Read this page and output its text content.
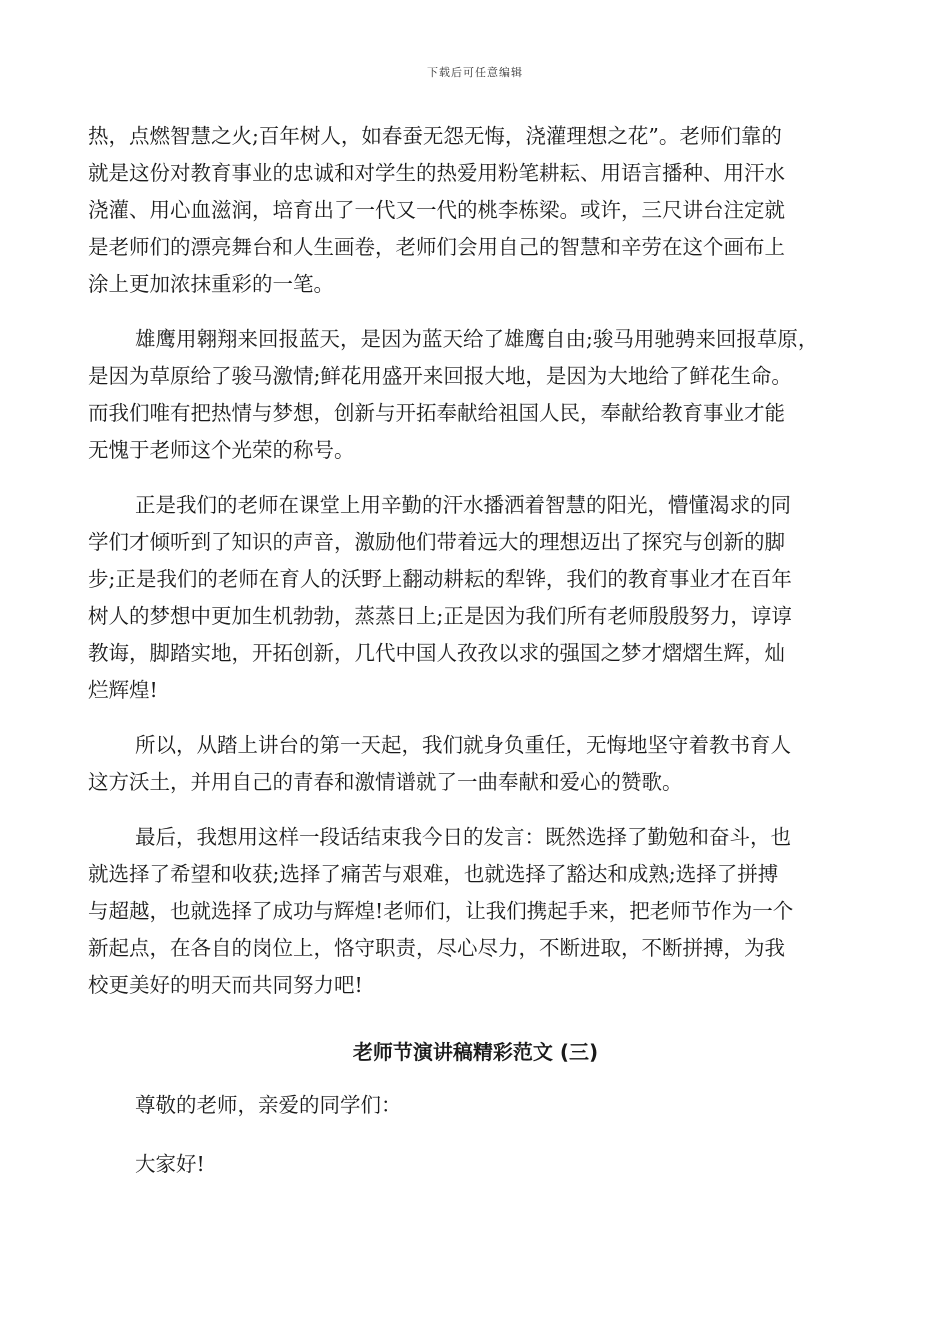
下载后可任意编辑

热，点燃智慧之火;百年树人，如春蚕无怨无悔，浇灌理想之花”。老师们靠的
就是这份对教育事业的忠诚和对学生的热爱用粉笔耕耘、用语言播种、用汗水
浇灌、用心血滋润，培育出了一代又一代的桃李栋梁。或许，三尺讲台注定就
是老师们的漂亮舞台和人生画卷，老师们会用自己的智慧和辛劳在这个画布上
涂上更加浓抹重彩的一笔。

雄鹰用翱翔来回报蓝天，是因为蓝天给了雄鹰自由;骏马用驰骋来回报草原，
是因为草原给了骏马激情;鲜花用盛开来回报大地，是因为大地给了鲜花生命。
而我们唯有把热情与梦想，创新与开拓奉献给祖国人民，奉献给教育事业才能
无愧于老师这个光荣的称号。

正是我们的老师在课堂上用辛勤的汗水播洒着智慧的阳光，懵懂渴求的同
学们才倾听到了知识的声音，激励他们带着远大的理想迈出了探究与创新的脚
步;正是我们的老师在育人的沃野上翻动耕耘的犁铧，我们的教育事业才在百年
树人的梦想中更加生机勃勃，蒸蒸日上;正是因为我们所有老师殷殷努力，谆谆
教诲，脚踏实地，开拓创新，几代中国人孜孜以求的强国之梦才熠熠生辉，灿
烂辉煌!

所以，从踏上讲台的第一天起，我们就身负重任，无悔地坚守着教书育人
这方沃土，并用自己的青春和激情谱就了一曲奉献和爱心的赞歌。

最后，我想用这样一段话结束我今日的发言：既然选择了勤勉和奋斗，也
就选择了希望和收获;选择了痛苦与艰难，也就选择了豁达和成熟;选择了拼搏
与超越，也就选择了成功与辉煌!老师们，让我们携起手来，把老师节作为一个
新起点，在各自的岗位上，恪守职责，尽心尽力，不断进取，不断拼搏，为我
校更美好的明天而共同努力吧!

老师节演讲稿精彩范文 (三)

尊敬的老师，亲爱的同学们：

大家好!
